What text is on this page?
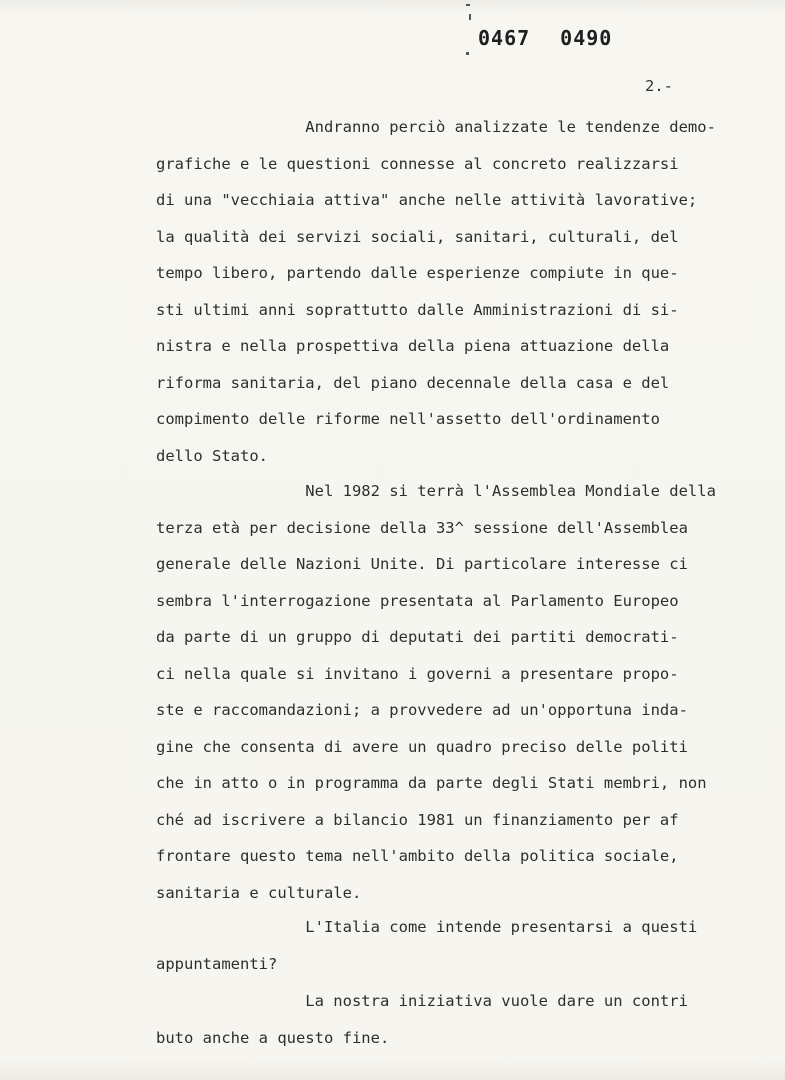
0467 0490
2.-
Andranno perciò analizzate le tendenze demo-
grafiche e le questioni connesse al concreto realizzarsi
di una "vecchiaia attiva" anche nelle attività lavorative;
la qualità dei servizi sociali, sanitari, culturali, del
tempo libero, partendo dalle esperienze compiute in que-
sti ultimi anni soprattutto dalle Amministrazioni di si-
nistra e nella prospettiva della piena attuazione della
riforma sanitaria, del piano decennale della casa e del
compimento delle riforme nell'assetto dell'ordinamento
dello Stato.
Nel 1982 si terrà l'Assemblea Mondiale della
terza età per decisione della 33^ sessione dell'Assemblea
generale delle Nazioni Unite. Di particolare interesse ci
sembra l'interrogazione presentata al Parlamento Europeo
da parte di un gruppo di deputati dei partiti democrati-
ci nella quale si invitano i governi a presentare propo-
ste e raccomandazioni; a provvedere ad un'opportuna inda-
gine che consenta di avere un quadro preciso delle politi
che in atto o in programma da parte degli Stati membri, non
ché ad iscrivere a bilancio 1981 un finanziamento per af
frontare questo tema nell'ambito della politica sociale,
sanitaria e culturale.
L'Italia come intende presentarsi a questi
appuntamenti?
La nostra iniziativa vuole dare un contri
buto anche a questo fine.
